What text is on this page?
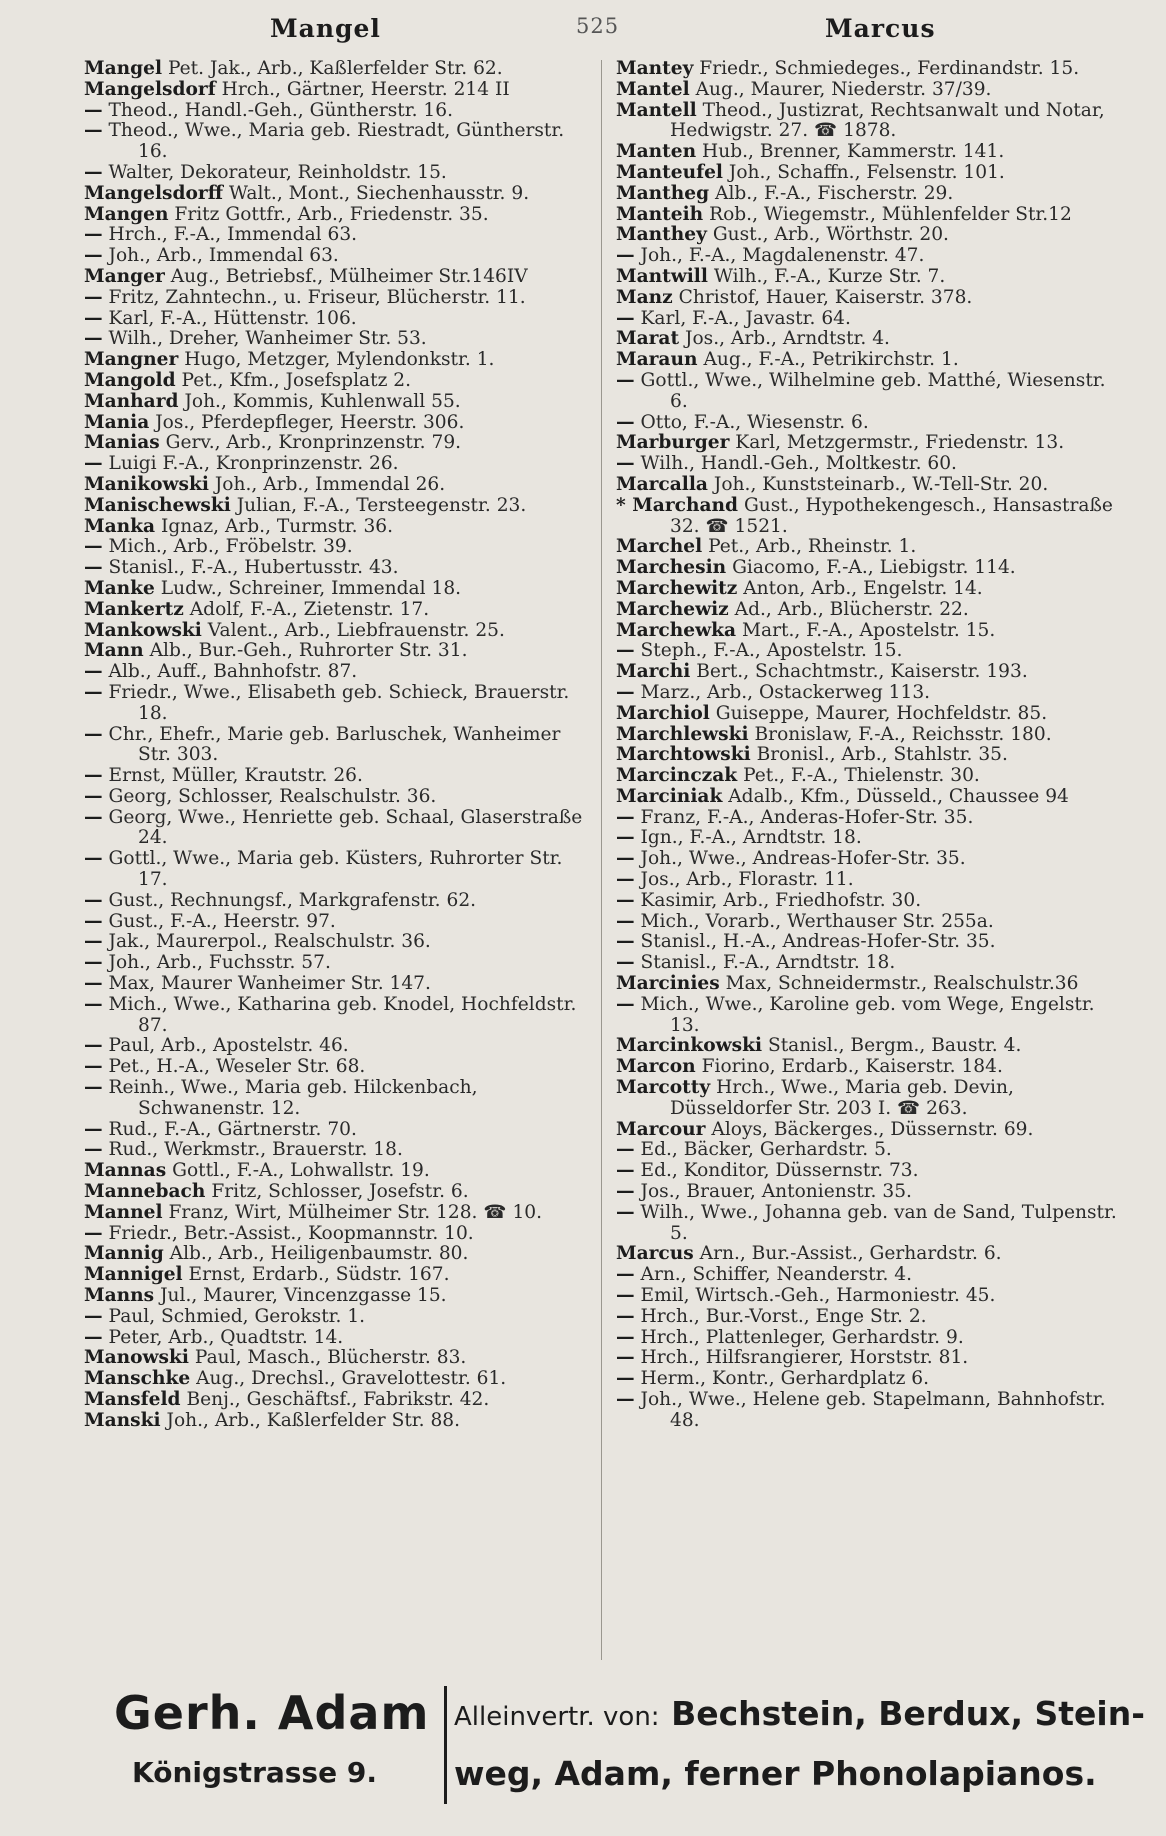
Mangel	525	Marcus

Mangel Pet. Jak., Arb., Kaßlerfelder Str. 62.

Mangelsdorf Hrch., Gärtner, Heerstr. 214 II

— Theod., Handl.-Geh., Güntherstr. 16.

— Theod., Wwe., Maria geb. Riestradt, Güntherstr. 16.

— Walter, Dekorateur, Reinholdstr. 15.

Mangelsdorff Walt., Mont., Siechenhausstr. 9.

Mangen Fritz Gottfr., Arb., Friedenstr. 35.

— Hrch., F.-A., Immendal 63.

— Joh., Arb., Immendal 63.

Manger Aug., Betriebsf., Mülheimer Str.146IV

— Fritz, Zahntechn., u. Friseur, Blücherstr. 11.

— Karl, F.-A., Hüttenstr. 106.

— Wilh., Dreher, Wanheimer Str. 53.

Mangner Hugo, Metzger, Mylendonkstr. 1.

Mangold Pet., Kfm., Josefsplatz 2.

Manhard Joh., Kommis, Kuhlenwall 55.

Mania Jos., Pferdepfleger, Heerstr. 306.

Manias Gerv., Arb., Kronprinzenstr. 79.

— Luigi F.-A., Kronprinzenstr. 26.

Manikowski Joh., Arb., Immendal 26.

Manischewski Julian, F.-A., Tersteegenstr. 23.

Manka Ignaz, Arb., Turmstr. 36.

— Mich., Arb., Fröbelstr. 39.

— Stanisl., F.-A., Hubertusstr. 43.

Manke Ludw., Schreiner, Immendal 18.

Mankertz Adolf, F.-A., Zietenstr. 17.

Mankowski Valent., Arb., Liebfrauenstr. 25.

Mann Alb., Bur.-Geh., Ruhrorter Str. 31.

— Alb., Auff., Bahnhofstr. 87.

— Friedr., Wwe., Elisabeth geb. Schieck, Brauerstr. 18.

— Chr., Ehefr., Marie geb. Barluschek, Wanheimer Str. 303.

— Ernst, Müller, Krautstr. 26.

— Georg, Schlosser, Realschulstr. 36.

— Georg, Wwe., Henriette geb. Schaal, Glaserstraße 24.

— Gottl., Wwe., Maria geb. Küsters, Ruhrorter Str. 17.

— Gust., Rechnungsf., Markgrafenstr. 62.

— Gust., F.-A., Heerstr. 97.

— Jak., Maurerpol., Realschulstr. 36.

— Joh., Arb., Fuchsstr. 57.

— Max, Maurer Wanheimer Str. 147.

— Mich., Wwe., Katharina geb. Knodel, Hochfeldstr. 87.

— Paul, Arb., Apostelstr. 46.

— Pet., H.-A., Weseler Str. 68.

— Reinh., Wwe., Maria geb. Hilckenbach, Schwanenstr. 12.

— Rud., F.-A., Gärtnerstr. 70.

— Rud., Werkmstr., Brauerstr. 18.

Mannas Gottl., F.-A., Lohwallstr. 19.

Mannebach Fritz, Schlosser, Josefstr. 6.

Mannel Franz, Wirt, Mülheimer Str. 128. ☎ 10.

— Friedr., Betr.-Assist., Koopmannstr. 10.

Mannig Alb., Arb., Heiligenbaumstr. 80.

Mannigel Ernst, Erdarb., Südstr. 167.

Manns Jul., Maurer, Vincenzgasse 15.

— Paul, Schmied, Gerokstr. 1.

— Peter, Arb., Quadtstr. 14.

Manowski Paul, Masch., Blücherstr. 83.

Manschke Aug., Drechsl., Gravelottestr. 61.

Mansfeld Benj., Geschäftsf., Fabrikstr. 42.

Manski Joh., Arb., Kaßlerfelder Str. 88.

Mantey Friedr., Schmiedeges., Ferdinandstr. 15.

Mantel Aug., Maurer, Niederstr. 37/39.

Mantell Theod., Justizrat, Rechtsanwalt und Notar, Hedwigstr. 27. ☎ 1878.

Manten Hub., Brenner, Kammerstr. 141.

Manteufel Joh., Schaffn., Felsenstr. 101.

Mantheg Alb., F.-A., Fischerstr. 29.

Manteih Rob., Wiegemstr., Mühlenfelder Str.12

Manthey Gust., Arb., Wörthstr. 20.

— Joh., F.-A., Magdalenenstr. 47.

Mantwill Wilh., F.-A., Kurze Str. 7.

Manz Christof, Hauer, Kaiserstr. 378.

— Karl, F.-A., Javastr. 64.

Marat Jos., Arb., Arndtstr. 4.

Maraun Aug., F.-A., Petrikirchstr. 1.

— Gottl., Wwe., Wilhelmine geb. Matthé, Wiesenstr. 6.

— Otto, F.-A., Wiesenstr. 6.

Marburger Karl, Metzgermstr., Friedenstr. 13.

— Wilh., Handl.-Geh., Moltkestr. 60.

Marcalla Joh., Kunststeinarb., W.-Tell-Str. 20.

* Marchand Gust., Hypothekengesch., Hansastraße 32. ☎ 1521.

Marchel Pet., Arb., Rheinstr. 1.

Marchesin Giacomo, F.-A., Liebigstr. 114.

Marchewitz Anton, Arb., Engelstr. 14.

Marchewiz Ad., Arb., Blücherstr. 22.

Marchewka Mart., F.-A., Apostelstr. 15.

— Steph., F.-A., Apostelstr. 15.

Marchi Bert., Schachtmstr., Kaiserstr. 193.

— Marz., Arb., Ostackerweg 113.

Marchiol Guiseppe, Maurer, Hochfeldstr. 85.

Marchlewski Bronislaw, F.-A., Reichsstr. 180.

Marchtowski Bronisl., Arb., Stahlstr. 35.

Marcinczak Pet., F.-A., Thielenstr. 30.

Marciniak Adalb., Kfm., Düsseld., Chaussee 94

— Franz, F.-A., Anderas-Hofer-Str. 35.

— Ign., F.-A., Arndtstr. 18.

— Joh., Wwe., Andreas-Hofer-Str. 35.

— Jos., Arb., Florastr. 11.

— Kasimir, Arb., Friedhofstr. 30.

— Mich., Vorarb., Werthauser Str. 255a.

— Stanisl., H.-A., Andreas-Hofer-Str. 35.

— Stanisl., F.-A., Arndtstr. 18.

Marcinies Max, Schneidermstr., Realschulstr.36

— Mich., Wwe., Karoline geb. vom Wege, Engelstr. 13.

Marcinkowski Stanisl., Bergm., Baustr. 4.

Marcon Fiorino, Erdarb., Kaiserstr. 184.

Marcotty Hrch., Wwe., Maria geb. Devin, Düsseldorfer Str. 203 I. ☎ 263.

Marcour Aloys, Bäckerges., Düssernstr. 69.

— Ed., Bäcker, Gerhardstr. 5.

— Ed., Konditor, Düssernstr. 73.

— Jos., Brauer, Antonienstr. 35.

— Wilh., Wwe., Johanna geb. van de Sand, Tulpenstr. 5.

Marcus Arn., Bur.-Assist., Gerhardstr. 6.

— Arn., Schiffer, Neanderstr. 4.

— Emil, Wirtsch.-Geh., Harmoniestr. 45.

— Hrch., Bur.-Vorst., Enge Str. 2.

— Hrch., Plattenleger, Gerhardstr. 9.

— Hrch., Hilfsrangierer, Horststr. 81.

— Herm., Kontr., Gerhardplatz 6.

— Joh., Wwe., Helene geb. Stapelmann, Bahnhofstr. 48.

Gerh. Adam
Königstrasse 9.
Alleinvertr. von: Bechstein, Berdux, Stein-
weg, Adam, ferner Phonolapianos.
